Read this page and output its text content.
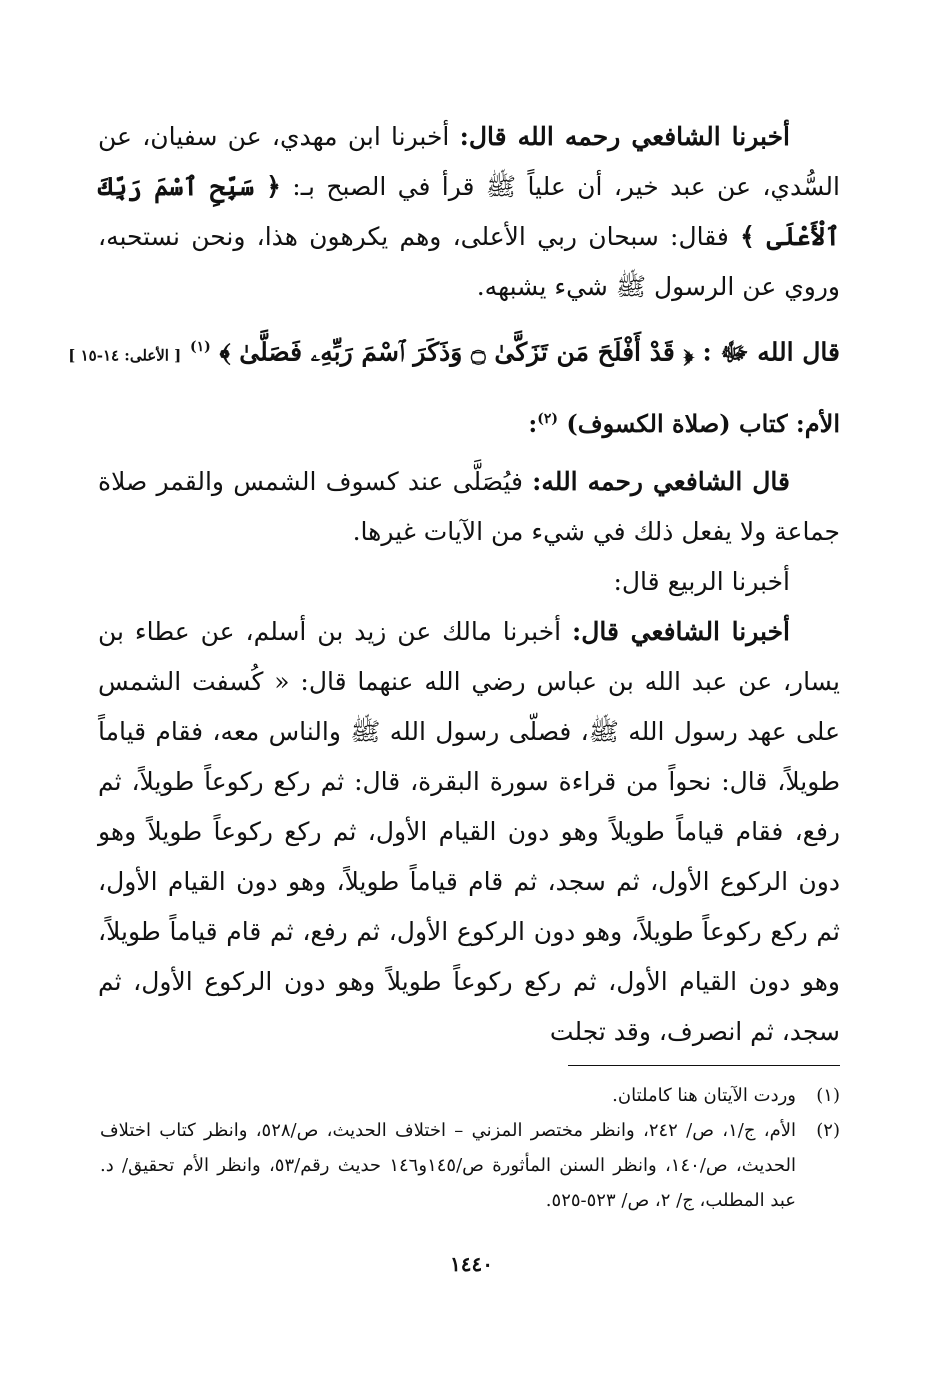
أخبرنا الشافعي رحمه الله قال: أخبرنا ابن مهدي، عن سفيان، عن السُّدي، عن عبد خير، أن علياً ﷺ قرأ في الصبح بـ: ﴿ سَبِّحِ ٱسْمَ رَبِّكَ ٱلْأَعْلَى ﴾ فقال: سبحان ربي الأعلى، وهم يكرهون هذا، ونحن نستحبه، وروي عن الرسول ﷺ شيء يشبهه.

قال الله ﷻ : ﴿ قَدْ أَفْلَحَ مَن تَزَكَّىٰ ۝ وَذَكَرَ ٱسْمَ رَبِّهِۦ فَصَلَّىٰ ﴾ $^{(١)}$ [ الأعلى: ١٤-١٥ ]
الأم: كتاب (صلاة الكسوف) $^{(٢)}$:

قال الشافعي رحمه الله: فيُصَلَّى عند كسوف الشمس والقمر صلاة جماعة ولا يفعل ذلك في شيء من الآيات غيرها.

أخبرنا الربيع قال:

أخبرنا الشافعي قال: أخبرنا مالك عن زيد بن أسلم، عن عطاء بن يسار، عن عبد الله بن عباس رضي الله عنهما قال: « كُسفت الشمس على عهد رسول الله ﷺ، فصلّى رسول الله ﷺ والناس معه، فقام قياماً طويلاً، قال: نحواً من قراءة سورة البقرة، قال: ثم ركع ركوعاً طويلاً، ثم رفع، فقام قياماً طويلاً وهو دون القيام الأول، ثم ركع ركوعاً طويلاً وهو دون الركوع الأول، ثم سجد، ثم قام قياماً طويلاً، وهو دون القيام الأول، ثم ركع ركوعاً طويلاً، وهو دون الركوع الأول، ثم رفع، ثم قام قياماً طويلاً، وهو دون القيام الأول، ثم ركع ركوعاً طويلاً وهو دون الركوع الأول، ثم سجد، ثم انصرف، وقد تجلت

(١)
وردت الآيتان هنا كاملتان.
(٢)
الأم، ج/١، ص/ ٢٤٢، وانظر مختصر المزني – اختلاف الحديث، ص/٥٢٨، وانظر كتاب اختلاف الحديث، ص/١٤٠، وانظر السنن المأثورة ص/١٤٥و١٤٦ حديث رقم/٥٣، وانظر الأم تحقيق/ د. عبد المطلب، ج/ ٢، ص/ ٥٢٣-٥٢٥.
١٤٤٠
